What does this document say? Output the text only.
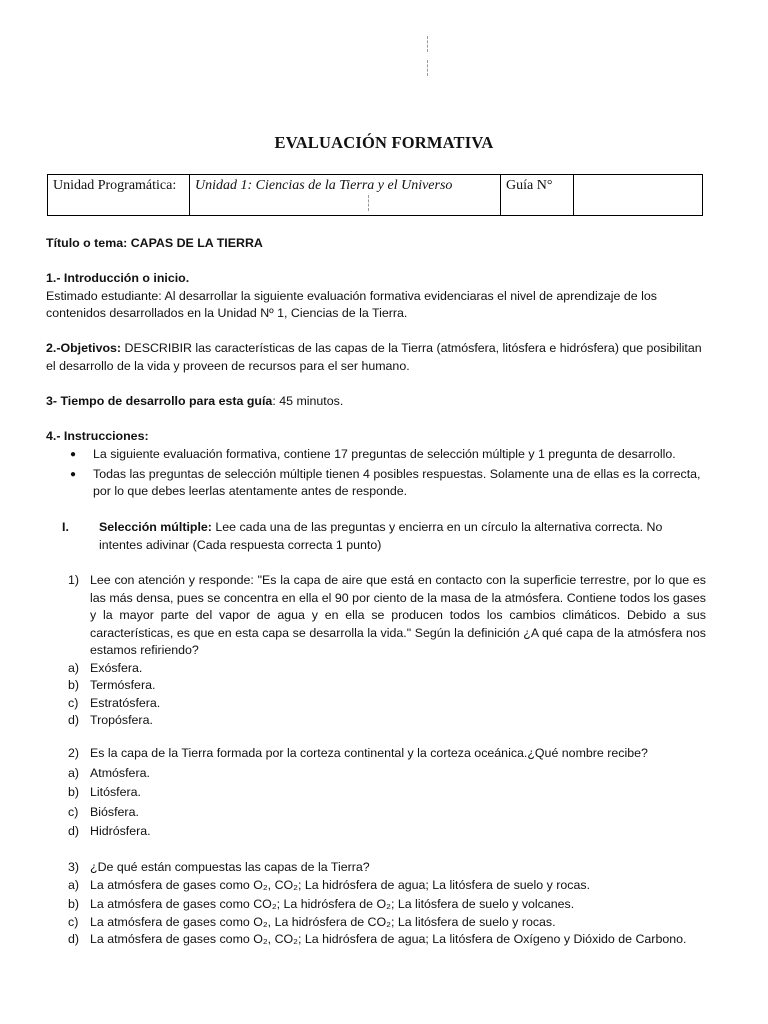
EVALUACIÓN FORMATIVA
Unidad Programática:	Unidad 1: Ciencias de la Tierra y el Universo	Guía N°	
Título o tema: CAPAS DE LA TIERRA
1.- Introducción o inicio.
Estimado estudiante: Al desarrollar la siguiente evaluación formativa evidenciaras el nivel de aprendizaje de los contenidos desarrollados en la Unidad Nº 1, Ciencias de la Tierra.
2.-Objetivos: DESCRIBIR las características de las capas de la Tierra (atmósfera, litósfera e hidrósfera) que posibilitan el desarrollo de la vida y proveen de recursos para el ser humano.
3- Tiempo de desarrollo para esta guía: 45 minutos.
4.- Instrucciones:
● La siguiente evaluación formativa, contiene 17 preguntas de selección múltiple y 1 pregunta de desarrollo.
● Todas las preguntas de selección múltiple tienen 4 posibles respuestas. Solamente una de ellas es la correcta, por lo que debes leerlas atentamente antes de responde.
I. Selección múltiple: Lee cada una de las preguntas y encierra en un círculo la alternativa correcta. No intentes adivinar (Cada respuesta correcta 1 punto)
1) Lee con atención y responde: "Es la capa de aire que está en contacto con la superficie terrestre, por lo que es las más densa, pues se concentra en ella el 90 por ciento de la masa de la atmósfera. Contiene todos los gases y la mayor parte del vapor de agua y en ella se producen todos los cambios climáticos. Debido a sus características, es que en esta capa se desarrolla la vida." Según la definición ¿A qué capa de la atmósfera nos estamos refiriendo?
a) Exósfera.
b) Termósfera.
c) Estratósfera.
d) Tropósfera.
2) Es la capa de la Tierra formada por la corteza continental y la corteza oceánica.¿Qué nombre recibe?
a) Atmósfera.
b) Litósfera.
c) Biósfera.
d) Hidrósfera.
3) ¿De qué están compuestas las capas de la Tierra?
a) La atmósfera de gases como O₂, CO₂; La hidrósfera de agua; La litósfera de suelo y rocas.
b) La atmósfera de gases como CO₂; La hidrósfera de O₂; La litósfera de suelo y volcanes.
c) La atmósfera de gases como O₂, La hidrósfera de CO₂; La litósfera de suelo y rocas.
d) La atmósfera de gases como O₂, CO₂; La hidrósfera de agua; La litósfera de Oxígeno y Dióxido de Carbono.
